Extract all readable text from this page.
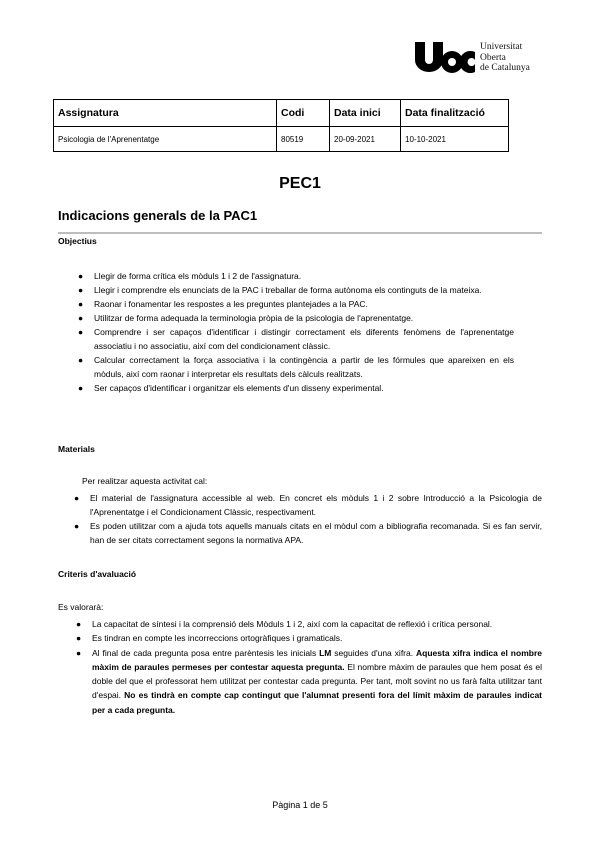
Universitat
Oberta
de Catalunya
Assignatura	Codi	Data inici	Data finalització
Psicologia de l'Aprenentatge	80519	20-09-2021	10-10-2021
PEC1
Indicacions generals de la PAC1
Objectius
● Llegir de forma crítica els mòduls 1 i 2 de l'assignatura.
● Llegir i comprendre els enunciats de la PAC i treballar de forma autònoma els continguts de la mateixa.
● Raonar i fonamentar les respostes a les preguntes plantejades a la PAC.
● Utilitzar de forma adequada la terminologia pròpia de la psicologia de l'aprenentatge.
● Comprendre i ser capaços d'identificar i distingir correctament els diferents fenòmens de l'aprenentatge associatiu i no associatiu, així com del condicionament clàssic.
● Calcular correctament la força associativa i la contingència a partir de les fórmules que apareixen en els mòduls, així com raonar i interpretar els resultats dels càlculs realitzats.
● Ser capaços d'identificar i organitzar els elements d'un disseny experimental.
Materials
Per realitzar aquesta activitat cal:
● El material de l'assignatura accessible al web. En concret els mòduls 1 i 2 sobre Introducció a la Psicologia de l'Aprenentatge i el Condicionament Clàssic, respectivament.
● Es poden utilitzar com a ajuda tots aquells manuals citats en el mòdul com a bibliografia recomanada. Si es fan servir, han de ser citats correctament segons la normativa APA.
Criteris d'avaluació
Es valorarà:
● La capacitat de síntesi i la comprensió dels Mòduls 1 i 2, així com la capacitat de reflexió i crítica personal.
● Es tindran en compte les incorreccions ortogràfiques i gramaticals.
● Al final de cada pregunta posa entre parèntesis les inicials LM seguides d'una xifra. Aquesta xifra indica el nombre màxim de paraules permeses per contestar aquesta pregunta. El nombre màxim de paraules que hem posat és el doble del que el professorat hem utilitzat per contestar cada pregunta. Per tant, molt sovint no us farà falta utilitzar tant d'espai. No es tindrà en compte cap contingut que l'alumnat presenti fora del límit màxim de paraules indicat per a cada pregunta.
Pàgina 1 de 5
